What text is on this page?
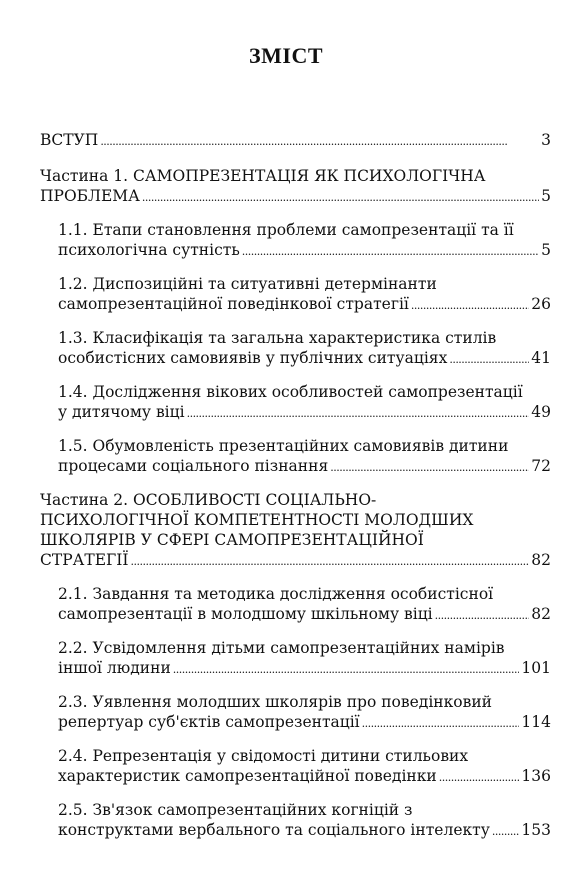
ЗМІСТ
ВСТУП . . .	3
Частина 1. САМОПРЕЗЕНТАЦІЯ ЯК ПСИХОЛОГІЧНА
ПРОБЛЕМА . . .	5
1.1. Етапи становлення проблеми самопрезентації та її
психологічна сутність . . .	5
1.2. Диспозиційні та ситуативні детермінанти
самопрезентаційної поведінкової стратегії . . .	26
1.3. Класифікація та загальна характеристика стилів
особистісних самовиявів у публічних ситуаціях . . .	41
1.4. Дослідження вікових особливостей самопрезентації
у дитячому віці . . .	49
1.5. Обумовленість презентаційних самовиявів дитини
процесами соціального пізнання . . .	72
Частина 2. ОСОБЛИВОСТІ СОЦІАЛЬНО-
ПСИХОЛОГІЧНОЇ КОМПЕТЕНТНОСТІ МОЛОДШИХ
ШКОЛЯРІВ У СФЕРІ САМОПРЕЗЕНТАЦІЙНОЇ
СТРАТЕГІЇ . . .	82
2.1. Завдання та методика дослідження особистісної
самопрезентації в молодшому шкільному віці . . .	82
2.2. Усвідомлення дітьми самопрезентаційних намірів
іншої людини . . .	101
2.3. Уявлення молодших школярів про поведінковий
репертуар суб'єктів самопрезентації . . .	114
2.4. Репрезентація у свідомості дитини стильових
характеристик самопрезентаційної поведінки . . .	136
2.5. Зв'язок самопрезентаційних когніцій з
конструктами вербального та соціального інтелекту . . . 153
